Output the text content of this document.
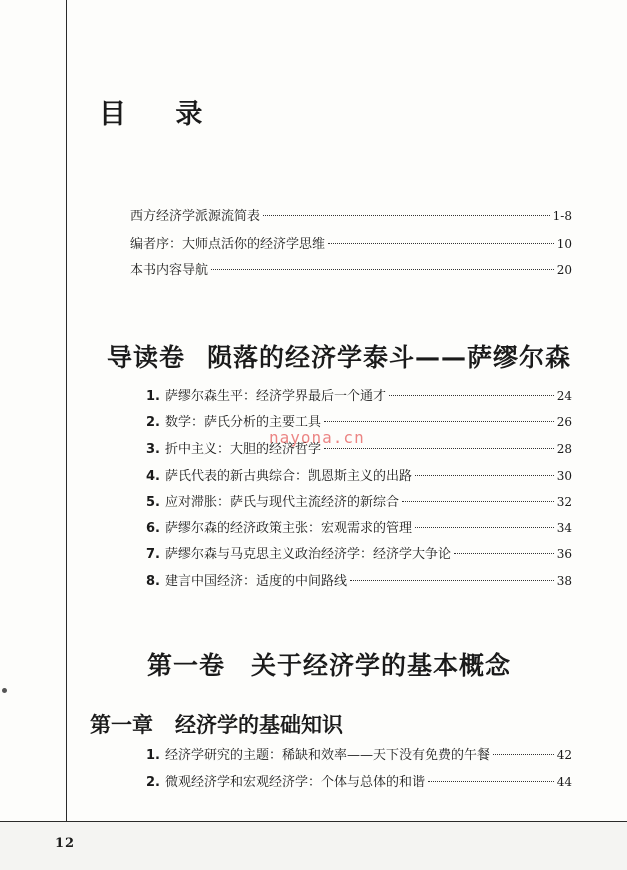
目 录
西方经济学派源流简表	1-8
编者序：大师点活你的经济学思维	10
本书内容导航	20
导读卷 陨落的经济学泰斗——萨缪尔森
1. 萨缪尔森生平：经济学界最后一个通才	24
2. 数学：萨氏分析的主要工具	26
3. 折中主义：大胆的经济哲学	28
4. 萨氏代表的新古典综合：凯恩斯主义的出路	30
5. 应对滞胀：萨氏与现代主流经济的新综合	32
6. 萨缪尔森的经济政策主张：宏观需求的管理	34
7. 萨缪尔森与马克思主义政治经济学：经济学大争论	36
8. 建言中国经济：适度的中间路线	38
第一卷 关于经济学的基本概念
第一章 经济学的基础知识
1. 经济学研究的主题：稀缺和效率——天下没有免费的午餐	42
2. 微观经济学和宏观经济学：个体与总体的和谐	44
nayona.cn
12
